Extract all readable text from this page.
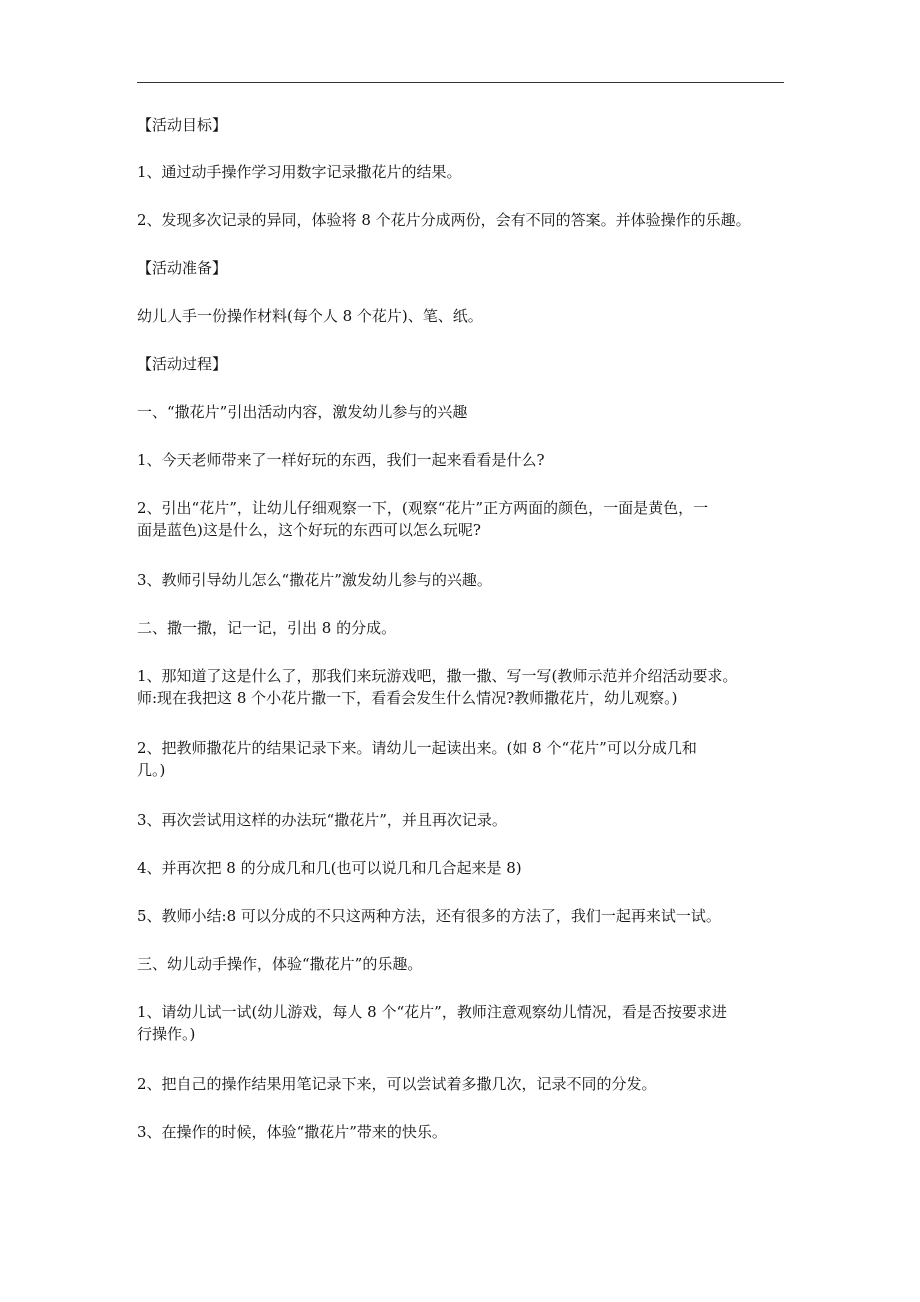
【活动目标】
1、通过动手操作学习用数字记录撒花片的结果。
2、发现多次记录的异同，体验将 8 个花片分成两份，会有不同的答案。并体验操作的乐趣。
【活动准备】
幼儿人手一份操作材料(每个人 8 个花片)、笔、纸。
【活动过程】
一、“撒花片”引出活动内容，激发幼儿参与的兴趣
1、今天老师带来了一样好玩的东西，我们一起来看看是什么?
2、引出“花片”，让幼儿仔细观察一下，(观察“花片”正方两面的颜色，一面是黄色，一
面是蓝色)这是什么，这个好玩的东西可以怎么玩呢?
3、教师引导幼儿怎么“撒花片”激发幼儿参与的兴趣。
二、撒一撒，记一记，引出 8 的分成。
1、那知道了这是什么了，那我们来玩游戏吧，撒一撒、写一写(教师示范并介绍活动要求。
师:现在我把这 8 个小花片撒一下，看看会发生什么情况?教师撒花片，幼儿观察。)
2、把教师撒花片的结果记录下来。请幼儿一起读出来。(如 8 个“花片”可以分成几和
几。)
3、再次尝试用这样的办法玩“撒花片”，并且再次记录。
4、并再次把 8 的分成几和几(也可以说几和几合起来是 8)
5、教师小结:8 可以分成的不只这两种方法，还有很多的方法了，我们一起再来试一试。
三、幼儿动手操作，体验“撒花片”的乐趣。
1、请幼儿试一试(幼儿游戏，每人 8 个“花片”，教师注意观察幼儿情况，看是否按要求进
行操作。)
2、把自己的操作结果用笔记录下来，可以尝试着多撒几次，记录不同的分发。
3、在操作的时候，体验“撒花片”带来的快乐。
